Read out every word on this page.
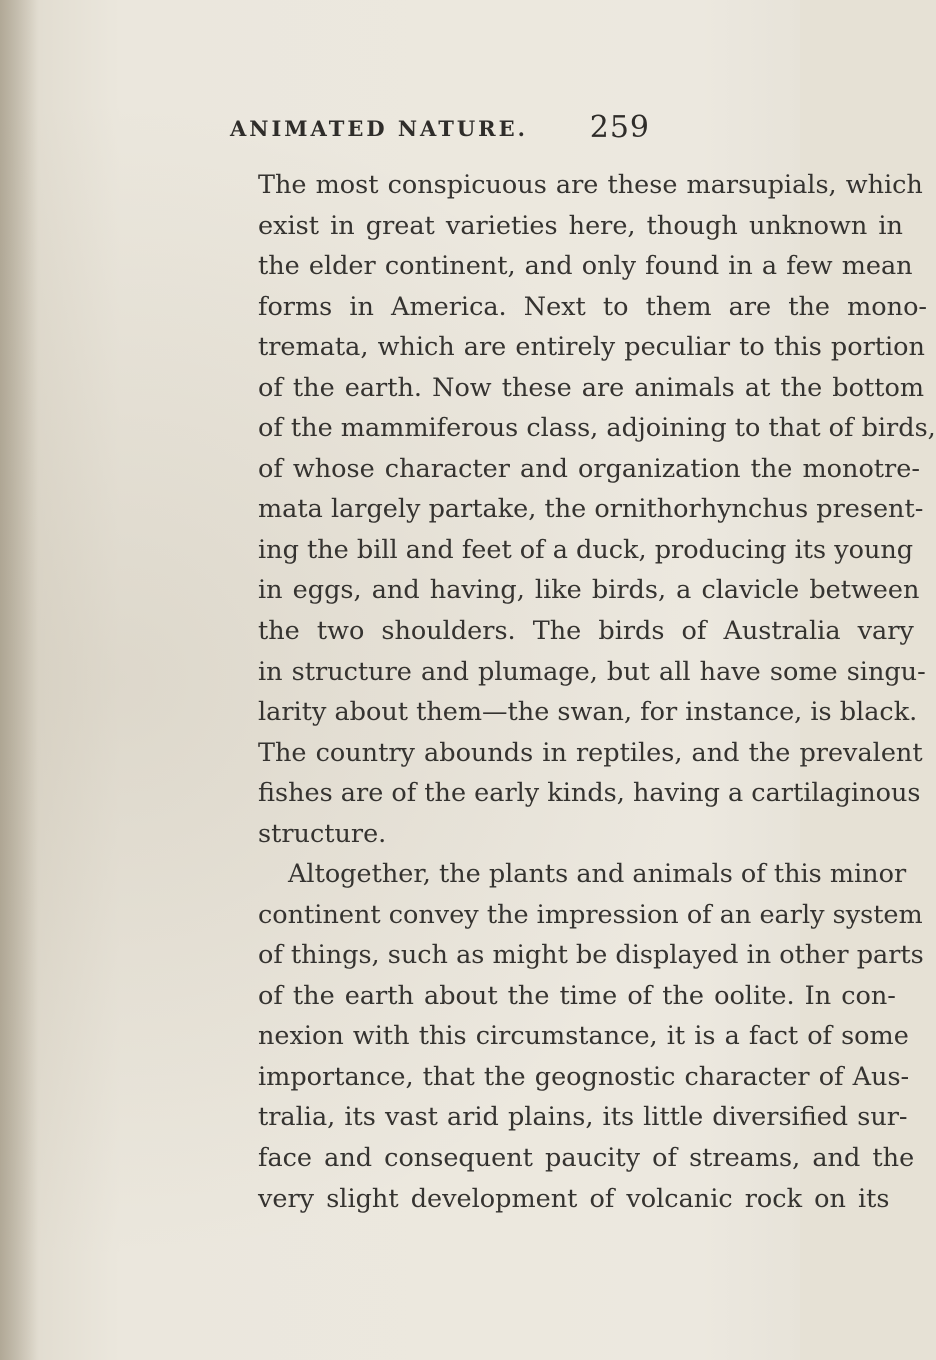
ANIMATED NATURE. 259
The most conspicuous are these marsupials, which
exist in great varieties here, though unknown in
the elder continent, and only found in a few mean
forms in America. Next to them are the mono-
tremata, which are entirely peculiar to this portion
of the earth. Now these are animals at the bottom
of the mammiferous class, adjoining to that of birds,
of whose character and organization the monotre-
mata largely partake, the ornithorhynchus present-
ing the bill and feet of a duck, producing its young
in eggs, and having, like birds, a clavicle between
the two shoulders. The birds of Australia vary
in structure and plumage, but all have some singu-
larity about them—the swan, for instance, is black.
The country abounds in reptiles, and the prevalent
fishes are of the early kinds, having a cartilaginous
structure.
Altogether, the plants and animals of this minor
continent convey the impression of an early system
of things, such as might be displayed in other parts
of the earth about the time of the oolite. In con-
nexion with this circumstance, it is a fact of some
importance, that the geognostic character of Aus-
tralia, its vast arid plains, its little diversified sur-
face and consequent paucity of streams, and the
very slight development of volcanic rock on its
